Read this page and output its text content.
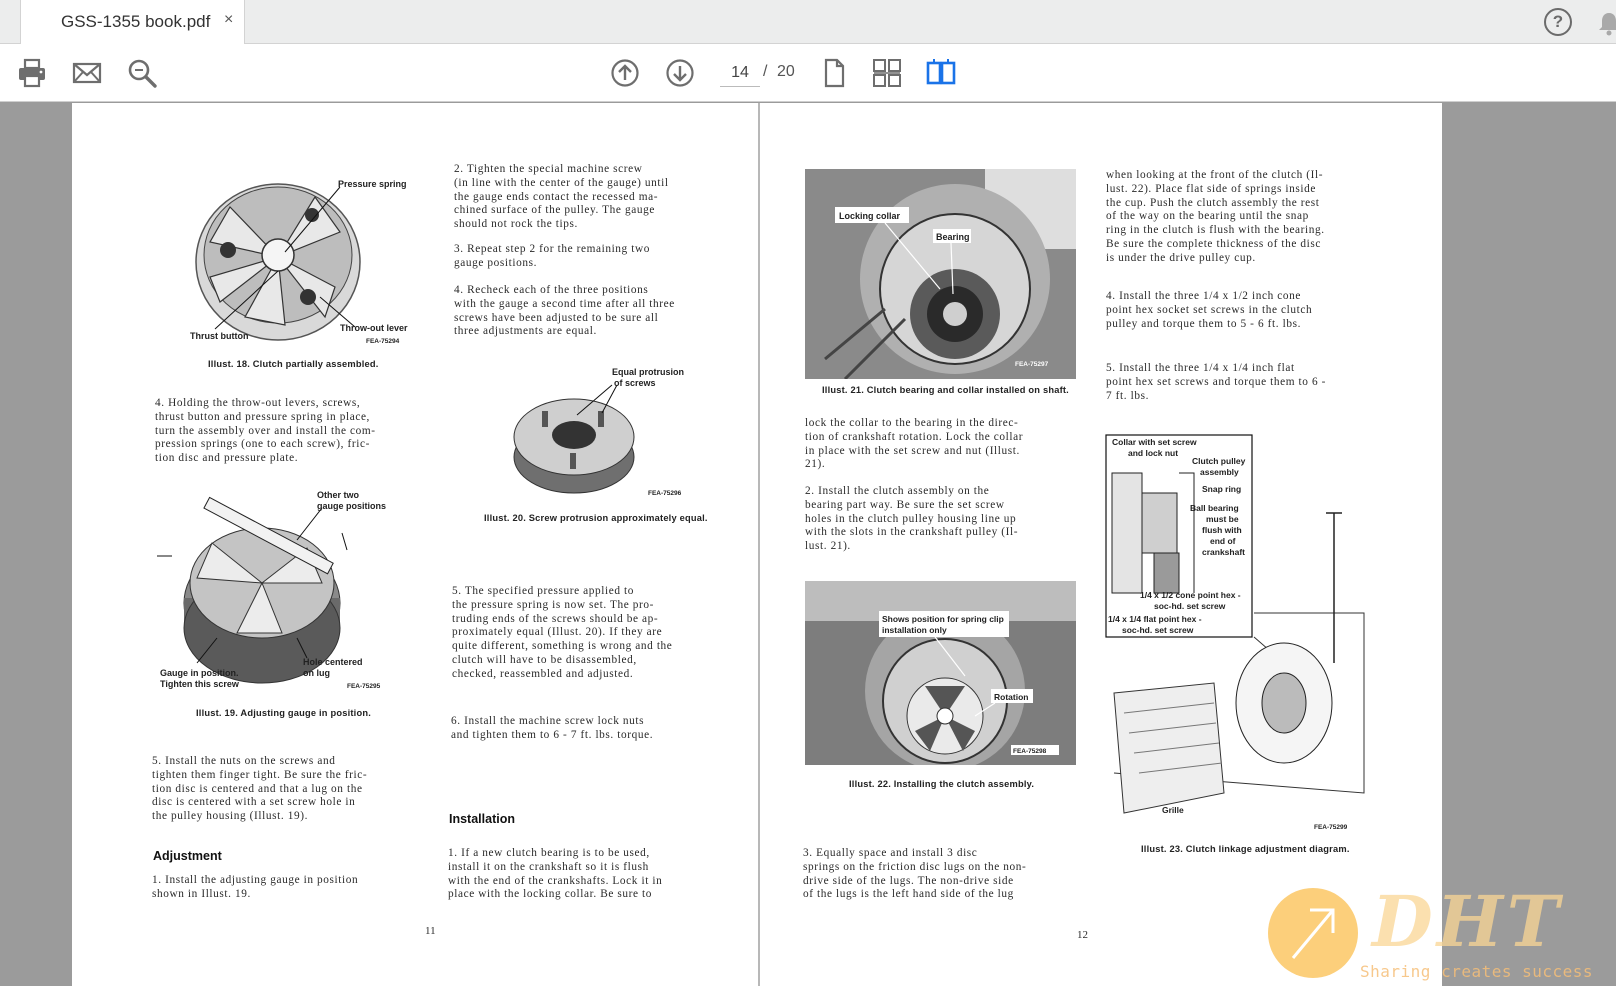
GSS-1355 book.pdf ×	?
14
/ 20
Pressure spring
Thrust button
Throw-out lever
FEA-75294
Illust. 18. Clutch partially assembled.
4. Holding the throw-out levers, screws,
thrust button and pressure spring in place,
turn the assembly over and install the com-
pression springs (one to each screw), fric-
tion disc and pressure plate.
Other two
gauge positions
Gauge in position.
Tighten this screw
Hole centered
on lug
FEA-75295
Illust. 19. Adjusting gauge in position.
5. Install the nuts on the screws and
tighten them finger tight. Be sure the fric-
tion disc is centered and that a lug on the
disc is centered with a set screw hole in
the pulley housing (Illust. 19).
Adjustment
1. Install the adjusting gauge in position
shown in Illust. 19.
2. Tighten the special machine screw
(in line with the center of the gauge) until
the gauge ends contact the recessed ma-
chined surface of the pulley. The gauge
should not rock the tips.
3. Repeat step 2 for the remaining two
gauge positions.
4. Recheck each of the three positions
with the gauge a second time after all three
screws have been adjusted to be sure all
three adjustments are equal.
Equal protrusion
of screws
FEA-75296
Illust. 20. Screw protrusion approximately equal.
5. The specified pressure applied to
the pressure spring is now set. The pro-
truding ends of the screws should be ap-
proximately equal (Illust. 20). If they are
quite different, something is wrong and the
clutch will have to be disassembled,
checked, reassembled and adjusted.
6. Install the machine screw lock nuts
and tighten them to 6 - 7 ft. lbs. torque.
Installation
1. If a new clutch bearing is to be used,
install it on the crankshaft so it is flush
with the end of the crankshafts. Lock it in
place with the locking collar. Be sure to
11
Locking collar
Bearing
FEA-75297
Illust. 21. Clutch bearing and collar installed on shaft.
lock the collar to the bearing in the direc-
tion of crankshaft rotation. Lock the collar
in place with the set screw and nut (Illust.
21).
2. Install the clutch assembly on the
bearing part way. Be sure the set screw
holes in the clutch pulley housing line up
with the slots in the crankshaft pulley (Il-
lust. 21).
Shows position for spring clip
installation only
Rotation
FEA-75298
Illust. 22. Installing the clutch assembly.
3. Equally space and install 3 disc
springs on the friction disc lugs on the non-
drive side of the lugs. The non-drive side
of the lugs is the left hand side of the lug
when looking at the front of the clutch (Il-
lust. 22). Place flat side of springs inside
the cup. Push the clutch assembly the rest
of the way on the bearing until the snap
ring in the clutch is flush with the bearing.
Be sure the complete thickness of the disc
is under the drive pulley cup.
4. Install the three 1/4 x 1/2 inch cone
point hex socket set screws in the clutch
pulley and torque them to 5 - 6 ft. lbs.
5. Install the three 1/4 x 1/4 inch flat
point hex set screws and torque them to 6 -
7 ft. lbs.
Collar with set screw
and lock nut
Clutch pulley
assembly
Snap ring
Ball bearing
must be
flush with
end of
crankshaft
1/4 x 1/2 cone point hex -
soc-hd. set screw
1/4 x 1/4 flat point hex -
soc-hd. set screw
Grille
FEA-75299
Illust. 23. Clutch linkage adjustment diagram.
12	DHT
Sharing creates success
